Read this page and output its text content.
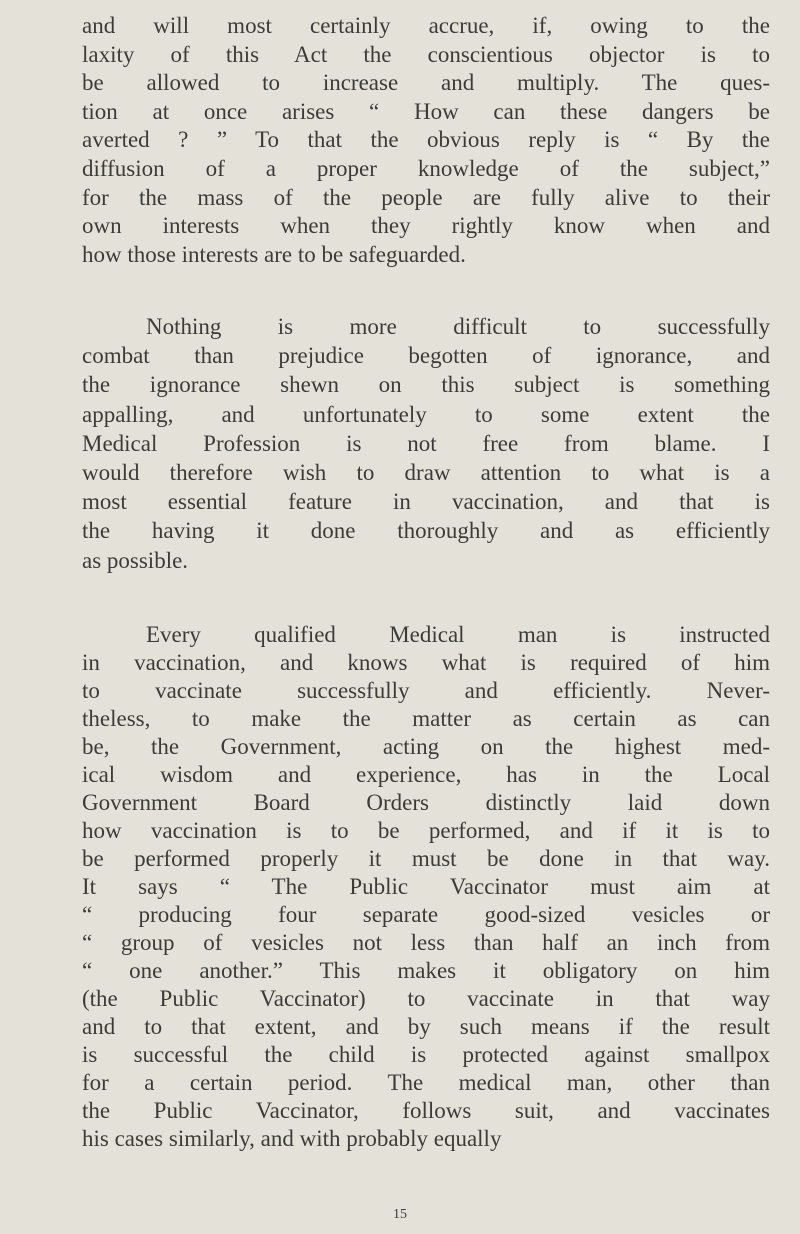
and will most certainly accrue, if, owing to the
laxity of this Act the conscientious objector is to
be allowed to increase and multiply. The ques-
tion at once arises “ How can these dangers be
averted ? ” To that the obvious reply is “ By the
diffusion of a proper knowledge of the subject,”
for the mass of the people are fully alive to their
own interests when they rightly know when and
how those interests are to be safeguarded.
Nothing is more difficult to successfully
combat than prejudice begotten of ignorance, and
the ignorance shewn on this subject is something
appalling, and unfortunately to some extent the
Medical Profession is not free from blame. I
would therefore wish to draw attention to what is a
most essential feature in vaccination, and that is
the having it done thoroughly and as efficiently
as possible.
Every qualified Medical man is instructed
in vaccination, and knows what is required of him
to vaccinate successfully and efficiently. Never-
theless, to make the matter as certain as can
be, the Government, acting on the highest med-
ical wisdom and experience, has in the Local
Government Board Orders distinctly laid down
how vaccination is to be performed, and if it is to
be performed properly it must be done in that way.
It says “ The Public Vaccinator must aim at
“ producing four separate good-sized vesicles or
“ group of vesicles not less than half an inch from
“ one another.” This makes it obligatory on him
(the Public Vaccinator) to vaccinate in that way
and to that extent, and by such means if the result
is successful the child is protected against smallpox
for a certain period. The medical man, other than
the Public Vaccinator, follows suit, and vaccinates
his cases similarly, and with probably equally
15
